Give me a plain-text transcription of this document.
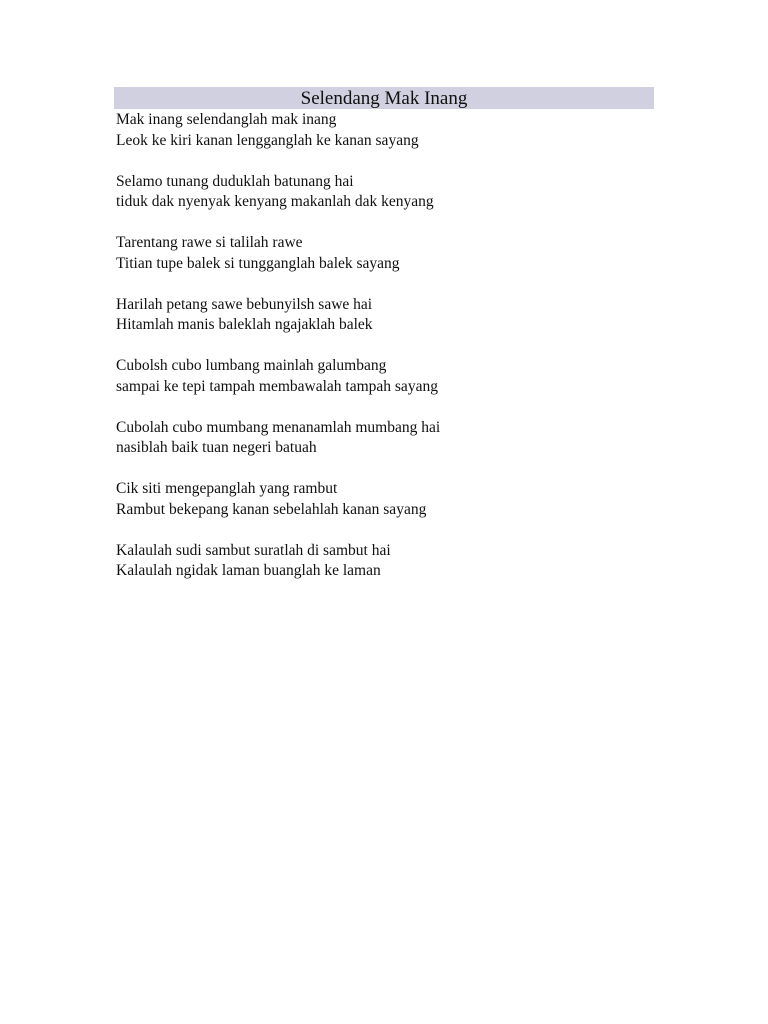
Selendang Mak Inang
Mak inang selendanglah mak inang
Leok ke kiri kanan lengganglah ke kanan sayang
Selamo tunang duduklah batunang hai
tiduk dak nyenyak kenyang makanlah dak kenyang
Tarentang rawe si talilah rawe
Titian tupe balek si tungganglah balek sayang
Harilah petang sawe bebunyilsh sawe hai
Hitamlah manis baleklah ngajaklah balek
Cubolsh cubo lumbang mainlah galumbang
sampai ke tepi tampah membawalah tampah sayang
Cubolah cubo mumbang menanamlah mumbang hai
nasiblah baik tuan negeri batuah
Cik siti mengepanglah yang rambut
Rambut bekepang kanan sebelahlah kanan sayang
Kalaulah sudi sambut suratlah di sambut hai
Kalaulah ngidak laman buanglah ke laman
